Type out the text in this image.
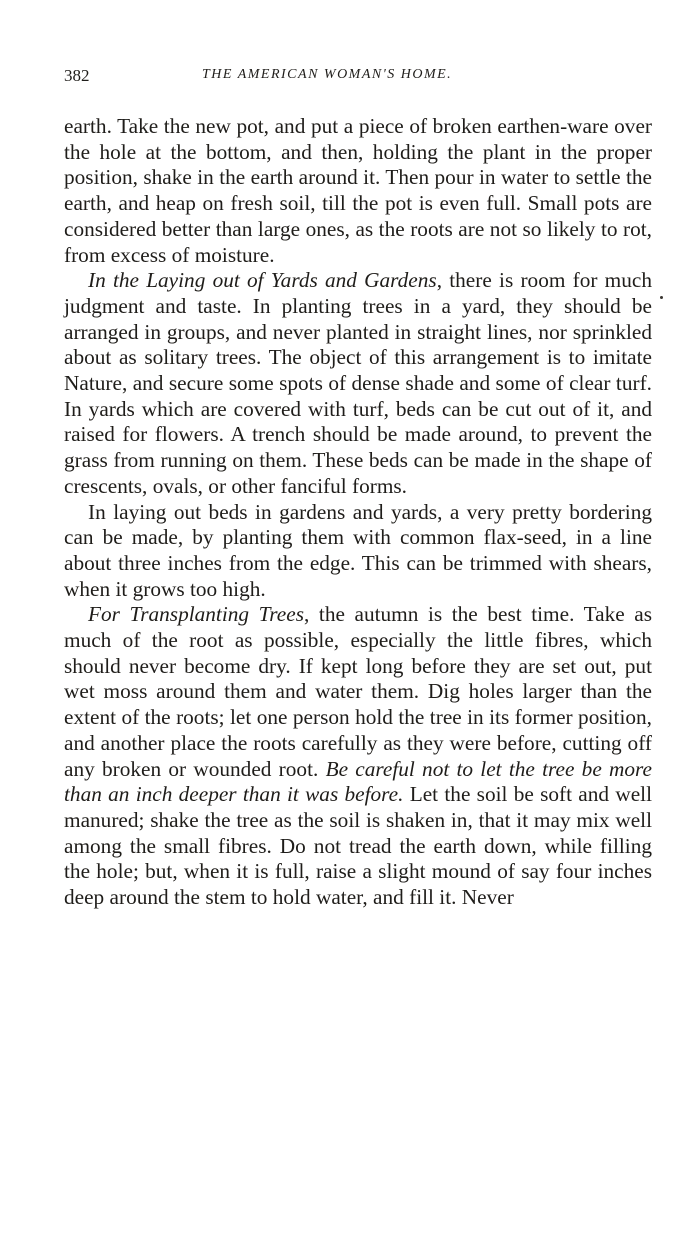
382	THE AMERICAN WOMAN'S HOME.

earth. Take the new pot, and put a piece of broken earthen-ware over the hole at the bottom, and then, holding the plant in the proper position, shake in the earth around it. Then pour in water to settle the earth, and heap on fresh soil, till the pot is even full. Small pots are considered better than large ones, as the roots are not so likely to rot, from excess of moisture.

In the Laying out of Yards and Gardens, there is room for much judgment and taste. In planting trees in a yard, they should be arranged in groups, and never planted in straight lines, nor sprinkled about as solitary trees. The object of this arrangement is to imitate Nature, and secure some spots of dense shade and some of clear turf. In yards which are covered with turf, beds can be cut out of it, and raised for flowers. A trench should be made around, to prevent the grass from running on them. These beds can be made in the shape of crescents, ovals, or other fanciful forms.

In laying out beds in gardens and yards, a very pretty bordering can be made, by planting them with common flax-seed, in a line about three inches from the edge. This can be trimmed with shears, when it grows too high.

For Transplanting Trees, the autumn is the best time. Take as much of the root as possible, especially the little fibres, which should never become dry. If kept long before they are set out, put wet moss around them and water them. Dig holes larger than the extent of the roots; let one person hold the tree in its former position, and another place the roots carefully as they were before, cutting off any broken or wounded root. Be careful not to let the tree be more than an inch deeper than it was before. Let the soil be soft and well manured; shake the tree as the soil is shaken in, that it may mix well among the small fibres. Do not tread the earth down, while filling the hole; but, when it is full, raise a slight mound of say four inches deep around the stem to hold water, and fill it. Never
